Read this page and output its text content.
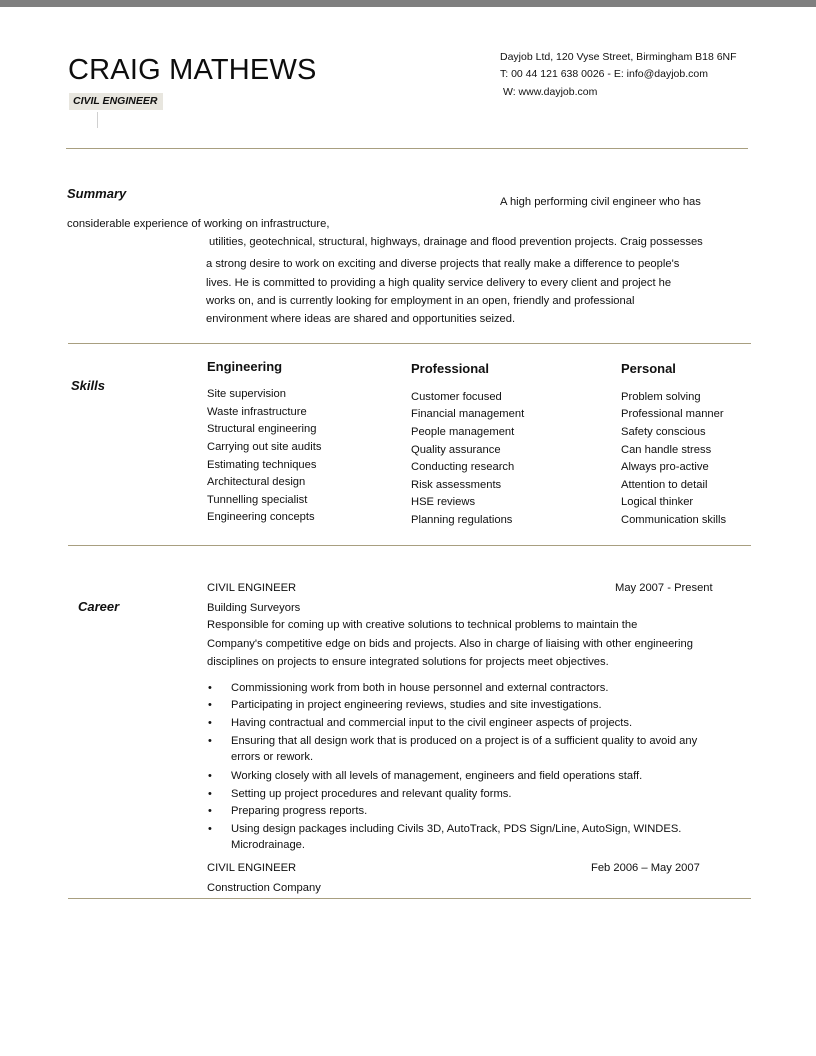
CRAIG MATHEWS
CIVIL ENGINEER
Dayjob Ltd, 120 Vyse Street, Birmingham B18 6NF
T: 00 44 121 638 0026 - E: info@dayjob.com
W: www.dayjob.com
Summary
A high performing civil engineer who has
considerable experience of working on infrastructure,
utilities, geotechnical, structural, highways, drainage and flood prevention projects. Craig possesses
a strong desire to work on exciting and diverse projects that really make a difference to people's
lives. He is committed to providing a high quality service delivery to every client and project he
works on, and is currently looking for employment in an open, friendly and professional
environment where ideas are shared and opportunities seized.
Skills
Engineering
Site supervision
Waste infrastructure
Structural engineering
Carrying out site audits
Estimating techniques
Architectural design
Tunnelling specialist
Engineering concepts
Professional
Customer focused
Financial management
People management
Quality assurance
Conducting research
Risk assessments
HSE reviews
Planning regulations
Personal
Problem solving
Professional manner
Safety conscious
Can handle stress
Always pro-active
Attention to detail
Logical thinker
Communication skills
Career
CIVIL ENGINEER	May 2007 - Present
Building Surveyors
Responsible for coming up with creative solutions to technical problems to maintain the
Company's competitive edge on bids and projects. Also in charge of liaising with other engineering
disciplines on projects to ensure integrated solutions for projects meet objectives.
• Commissioning work from both in house personnel and external contractors.
• Participating in project engineering reviews, studies and site investigations.
• Having contractual and commercial input to the civil engineer aspects of projects.
• Ensuring that all design work that is produced on a project is of a sufficient quality to avoid any
errors or rework.
• Working closely with all levels of management, engineers and field operations staff.
• Setting up project procedures and relevant quality forms.
• Preparing progress reports.
• Using design packages including Civils 3D, AutoTrack, PDS Sign/Line, AutoSign, WINDES.
Microdrainage.
CIVIL ENGINEER	Feb 2006 – May 2007
Construction Company
